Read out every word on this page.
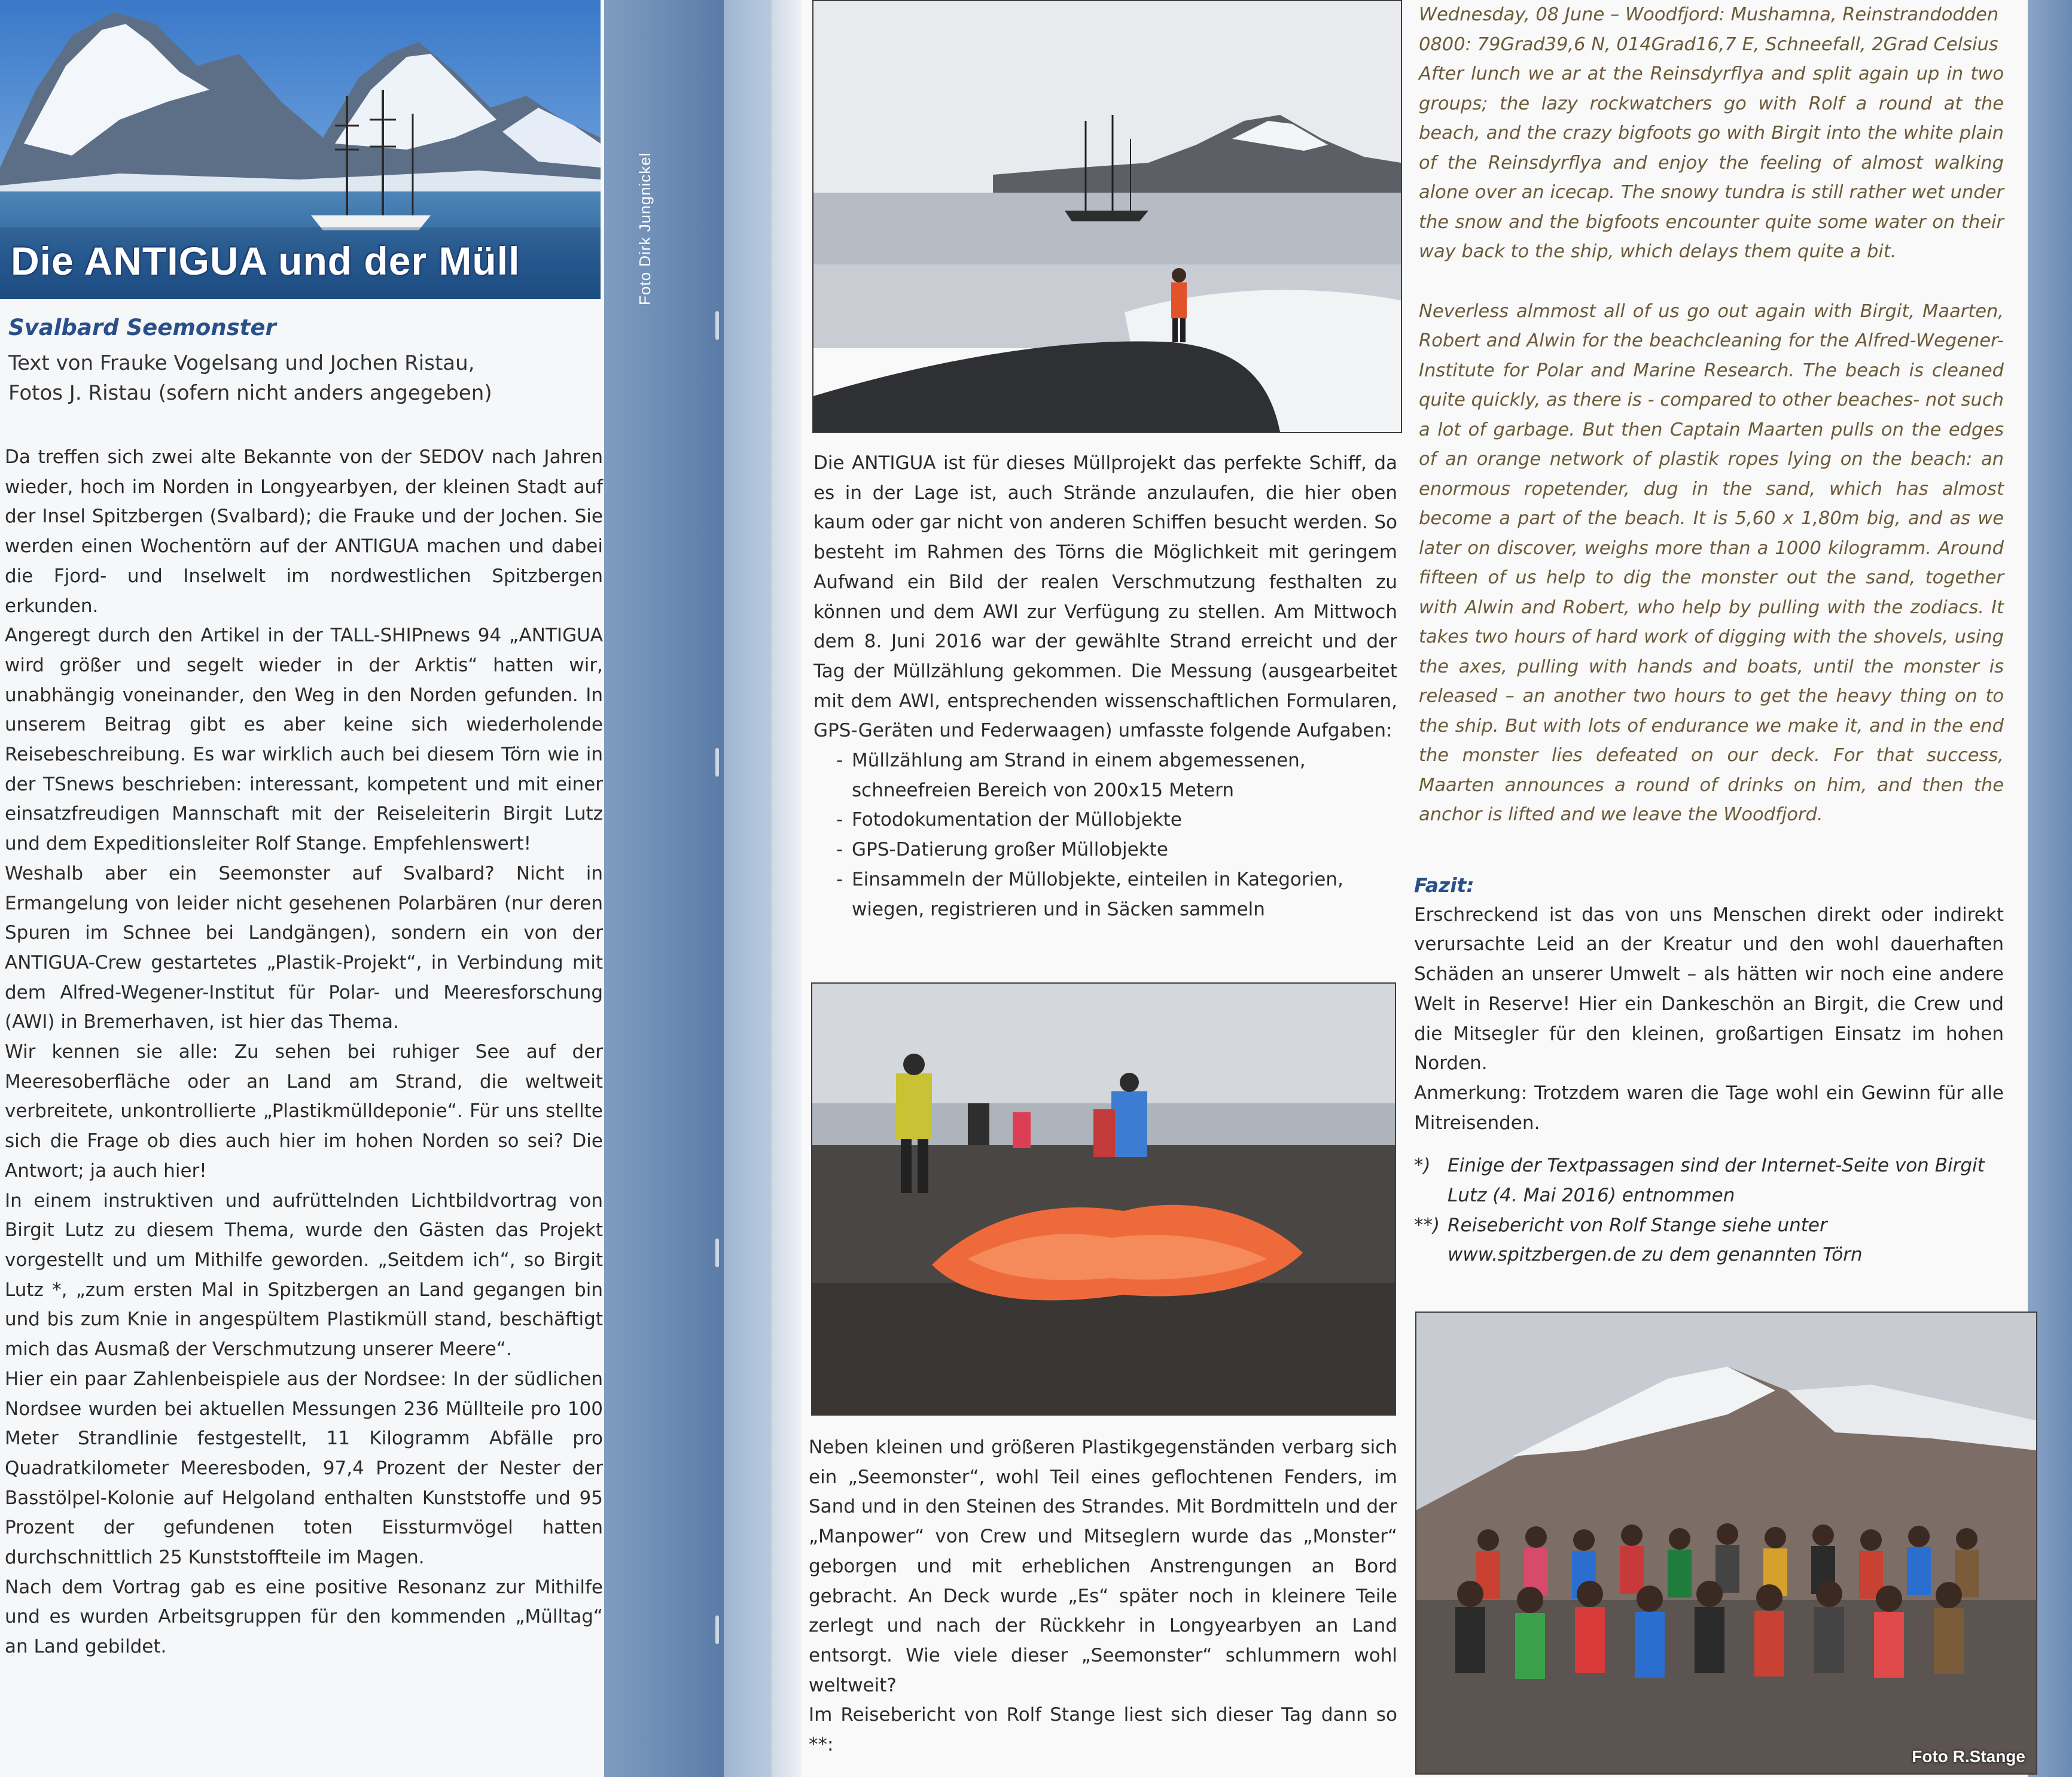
Die ANTIGUA und der Müll	Foto Dirk Jungnickel
Svalbard Seemonster
Text von Frauke Vogelsang und Jochen Ristau,
Fotos J. Ristau (sofern nicht anders angegeben)

Da treffen sich zwei alte Bekannte von der SEDOV nach Jahren wieder, hoch im Norden in Longyearbyen, der kleinen Stadt auf der Insel Spitzbergen (Svalbard); die Frauke und der Jochen. Sie werden einen Wochentörn auf der ANTIGUA machen und dabei die Fjord- und Inselwelt im nordwestlichen Spitzbergen erkunden.

Angeregt durch den Artikel in der TALL-SHIPnews 94 „ANTIGUA wird größer und segelt wieder in der Arktis“ hatten wir, unabhängig voneinander, den Weg in den Norden gefunden. In unserem Beitrag gibt es aber keine sich wiederholende Reisebeschreibung. Es war wirklich auch bei diesem Törn wie in der TSnews beschrieben: interessant, kompetent und mit einer einsatzfreudigen Mannschaft mit der Reiseleiterin Birgit Lutz und dem Expeditionsleiter Rolf Stange. Empfehlenswert!

Weshalb aber ein Seemonster auf Svalbard? Nicht in Ermangelung von leider nicht gesehenen Polarbären (nur deren Spuren im Schnee bei Landgängen), sondern ein von der ANTIGUA-Crew gestartetes „Plastik-Projekt“, in Verbindung mit dem Alfred-Wegener-Institut für Polar- und Meeresforschung (AWI) in Bremerhaven, ist hier das Thema.

Wir kennen sie alle: Zu sehen bei ruhiger See auf der Meeresoberfläche oder an Land am Strand, die weltweit verbreitete, unkontrollierte „Plastikmülldeponie“. Für uns stellte sich die Frage ob dies auch hier im hohen Norden so sei? Die Antwort; ja auch hier!

In einem instruktiven und aufrüttelnden Lichtbildvortrag von Birgit Lutz zu diesem Thema, wurde den Gästen das Projekt vorgestellt und um Mithilfe geworden. „Seitdem ich“, so Birgit Lutz *, „zum ersten Mal in Spitzbergen an Land gegangen bin und bis zum Knie in angespültem Plastikmüll stand, beschäftigt mich das Ausmaß der Verschmutzung unserer Meere“.

Hier ein paar Zahlenbeispiele aus der Nordsee: In der südlichen Nordsee wurden bei aktuellen Messungen 236 Müllteile pro 100 Meter Strandlinie festgestellt, 11 Kilogramm Abfälle pro Quadratkilometer Meeresboden, 97,4 Prozent der Nester der Basstölpel-Kolonie auf Helgoland enthalten Kunststoffe und 95 Prozent der gefundenen toten Eissturmvögel hatten durchschnittlich 25 Kunststoffteile im Magen.

Nach dem Vortrag gab es eine positive Resonanz zur Mithilfe und es wurden Arbeitsgruppen für den kommenden „Mülltag“ an Land gebildet.

Die ANTIGUA ist für dieses Müllprojekt das perfekte Schiff, da es in der Lage ist, auch Strände anzulaufen, die hier oben kaum oder gar nicht von anderen Schiffen besucht werden. So besteht im Rahmen des Törns die Möglichkeit mit geringem Aufwand ein Bild der realen Verschmutzung festhalten zu können und dem AWI zur Verfügung zu stellen. Am Mittwoch dem 8. Juni 2016 war der gewählte Strand erreicht und der Tag der Müllzählung gekommen. Die Messung (ausgearbeitet mit dem AWI, entsprechenden wissenschaftlichen Formularen, GPS-Geräten und Federwaagen) umfasste folgende Aufgaben:

- Müllzählung am Strand in einem abgemessenen, schneefreien Bereich von 200x15 Metern
- Fotodokumentation der Müllobjekte
- GPS-Datierung großer Müllobjekte
- Einsammeln der Müllobjekte, einteilen in Kategorien, wiegen, registrieren und in Säcken sammeln

Neben kleinen und größeren Plastikgegenständen verbarg sich ein „Seemonster“, wohl Teil eines geflochtenen Fenders, im Sand und in den Steinen des Strandes. Mit Bordmitteln und der „Manpower“ von Crew und Mitseglern wurde das „Monster“ geborgen und mit erheblichen Anstrengungen an Bord gebracht. An Deck wurde „Es“ später noch in kleinere Teile zerlegt und nach der Rückkehr in Longyearbyen an Land entsorgt. Wie viele dieser „Seemonster“ schlummern wohl weltweit?

Im Reisebericht von Rolf Stange liest sich dieser Tag dann so **:

Wednesday, 08 June – Woodfjord: Mushamna, Reinstrandodden

0800: 79Grad39,6 N, 014Grad16,7 E, Schneefall, 2Grad Celsius

After lunch we ar at the Reinsdyrflya and split again up in two groups; the lazy rockwatchers go with Rolf a round at the beach, and the crazy bigfoots go with Birgit into the white plain of the Reinsdyrflya and enjoy the feeling of almost walking alone over an icecap. The snowy tundra is still rather wet under the snow and the bigfoots encounter quite some water on their way back to the ship, which delays them quite a bit.

Neverless almmost all of us go out again with Birgit, Maarten, Robert and Alwin for the beachcleaning for the Alfred-Wegener-Institute for Polar and Marine Research. The beach is cleaned quite quickly, as there is - compared to other beaches- not such a lot of garbage. But then Captain Maarten pulls on the edges of an orange network of plastik ropes lying on the beach: an enormous ropetender, dug in the sand, which has almost become a part of the beach. It is 5,60 x 1,80m big, and as we later on discover, weighs more than a 1000 kilogramm. Around fifteen of us help to dig the monster out the sand, together with Alwin and Robert, who help by pulling with the zodiacs. It takes two hours of hard work of digging with the shovels, using the axes, pulling with hands and boats, until the monster is released – an another two hours to get the heavy thing on to the ship. But with lots of endurance we make it, and in the end the monster lies defeated on our deck. For that success, Maarten announces a round of drinks on him, and then the anchor is lifted and we leave the Woodfjord.

Fazit:

Erschreckend ist das von uns Menschen direkt oder indirekt verursachte Leid an der Kreatur und den wohl dauerhaften Schäden an unserer Umwelt – als hätten wir noch eine andere Welt in Reserve! Hier ein Dankeschön an Birgit, die Crew und die Mitsegler für den kleinen, großartigen Einsatz im hohen Norden.

Anmerkung: Trotzdem waren die Tage wohl ein Gewinn für alle Mitreisenden.

*) Einige der Textpassagen sind der Internet-Seite von Birgit
Lutz (4. Mai 2016) entnommen
**) Reisebericht von Rolf Stange siehe unter
www.spitzbergen.de zu dem genannten Törn
Foto R.Stange
